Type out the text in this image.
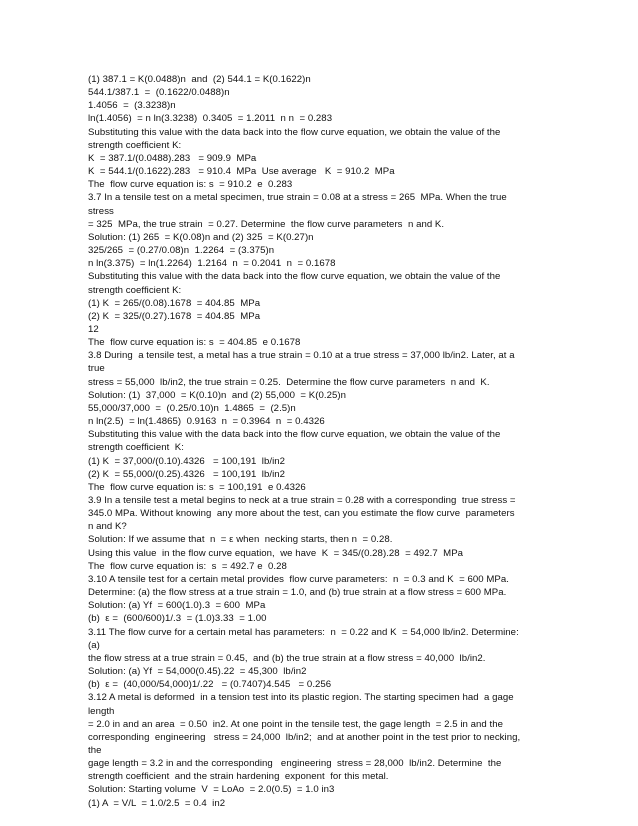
(1) 387.1 = K(0.0488)n  and  (2) 544.1 = K(0.1622)n
544.1/387.1  =  (0.1622/0.0488)n
1.4056  =  (3.3238)n
ln(1.4056)  = n ln(3.3238)  0.3405  = 1.2011  n n  = 0.283
Substituting this value with the data back into the flow curve equation, we obtain the value of the
strength coefficient K:
K  = 387.1/(0.0488).283   = 909.9  MPa
K  = 544.1/(0.1622).283   = 910.4  MPa  Use average   K  = 910.2  MPa
The  flow curve equation is: s  = 910.2  e  0.283
3.7 In a tensile test on a metal specimen, true strain = 0.08 at a stress = 265  MPa. When the true
stress
= 325  MPa, the true strain  = 0.27. Determine  the flow curve parameters  n and K.
Solution: (1) 265  = K(0.08)n and (2) 325  = K(0.27)n
325/265  = (0.27/0.08)n  1.2264  = (3.375)n
n ln(3.375)  = ln(1.2264)  1.2164  n  = 0.2041  n  = 0.1678
Substituting this value with the data back into the flow curve equation, we obtain the value of the
strength coefficient K:
(1) K  = 265/(0.08).1678  = 404.85  MPa
(2) K  = 325/(0.27).1678  = 404.85  MPa
12
The  flow curve equation is: s  = 404.85  e 0.1678
3.8 During  a tensile test, a metal has a true strain = 0.10 at a true stress = 37,000 lb/in2. Later, at a
true
stress = 55,000  lb/in2, the true strain = 0.25.  Determine the flow curve parameters  n and  K.
Solution: (1)  37,000  = K(0.10)n  and (2) 55,000  = K(0.25)n
55,000/37,000  =  (0.25/0.10)n  1.4865  =  (2.5)n
n ln(2.5)  = ln(1.4865)  0.9163  n  = 0.3964  n  = 0.4326
Substituting this value with the data back into the flow curve equation, we obtain the value of the
strength coefficient  K:
(1) K  = 37,000/(0.10).4326   = 100,191  lb/in2
(2) K  = 55,000/(0.25).4326   = 100,191  lb/in2
The  flow curve equation is: s  = 100,191  e 0.4326
3.9 In a tensile test a metal begins to neck at a true strain = 0.28 with a corresponding  true stress =
345.0 MPa. Without knowing  any more about the test, can you estimate the flow curve  parameters
n and K?
Solution: If we assume that  n  = ε when  necking starts, then n  = 0.28.
Using this value  in the flow curve equation,  we have  K  = 345/(0.28).28  = 492.7  MPa
The  flow curve equation is:  s  = 492.7 e  0.28
3.10 A tensile test for a certain metal provides  flow curve parameters:  n  = 0.3 and K  = 600 MPa.
Determine: (a) the flow stress at a true strain = 1.0, and (b) true strain at a flow stress = 600 MPa.
Solution: (a) Yf  = 600(1.0).3  = 600  MPa
(b)  ε =  (600/600)1/.3  = (1.0)3.33  = 1.00
3.11 The flow curve for a certain metal has parameters:  n  = 0.22 and K  = 54,000 lb/in2. Determine:
(a)
the flow stress at a true strain = 0.45,  and (b) the true strain at a flow stress = 40,000  lb/in2.
Solution: (a) Yf  = 54,000(0.45).22  = 45,300  lb/in2
(b)  ε =  (40,000/54,000)1/.22   = (0.7407)4.545   = 0.256
3.12 A metal is deformed  in a tension test into its plastic region. The starting specimen had  a gage
length
= 2.0 in and an area  = 0.50  in2. At one point in the tensile test, the gage length  = 2.5 in and the
corresponding  engineering   stress = 24,000  lb/in2;  and at another point in the test prior to necking,
the
gage length = 3.2 in and the corresponding   engineering  stress = 28,000  lb/in2. Determine  the
strength coefficient  and the strain hardening  exponent  for this metal.
Solution: Starting volume  V  = LoAo  = 2.0(0.5)  = 1.0 in3
(1) A  = V/L  = 1.0/2.5  = 0.4  in2
